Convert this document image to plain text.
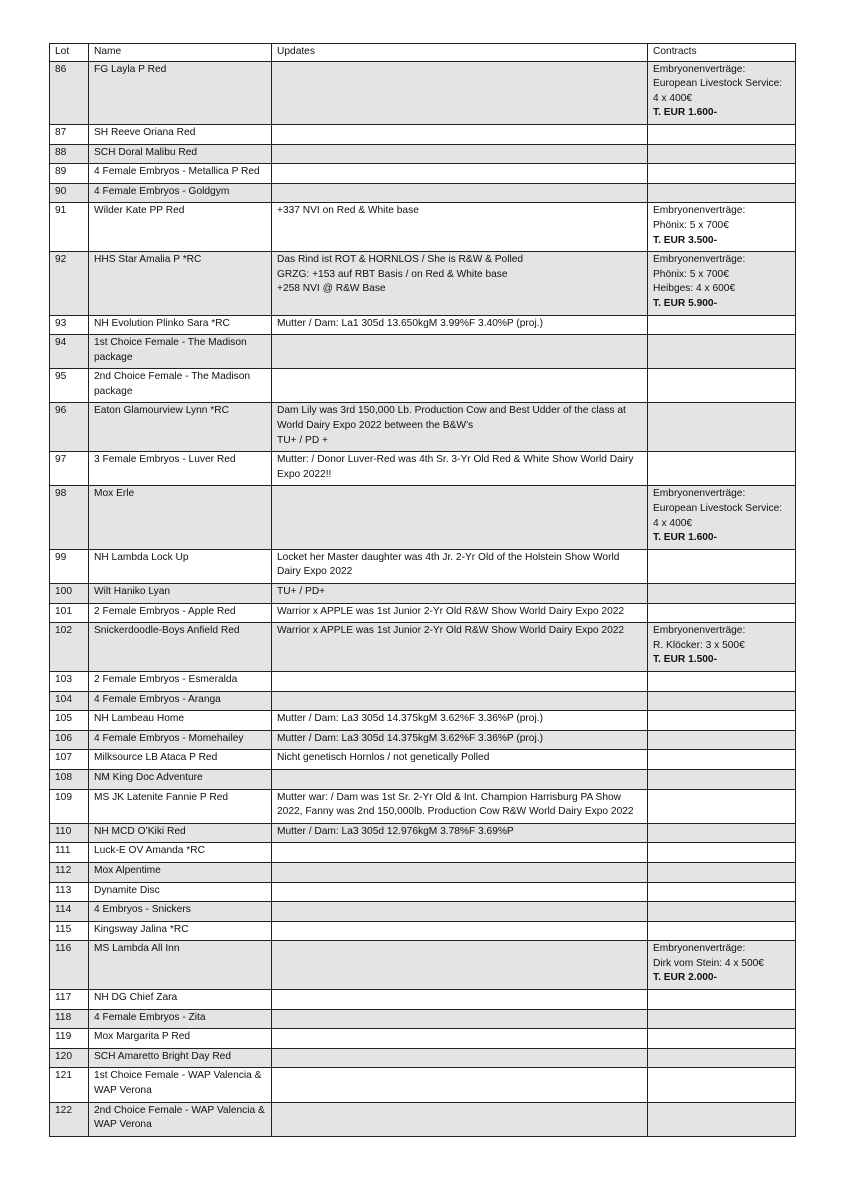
Lot	Name	Updates	Contracts
86	FG Layla P Red		Embryonenverträge:
European Livestock Service:
4 x 400€
T. EUR 1.600-

87	SH Reeve Oriana Red		
88	SCH Doral Malibu Red		
89	4 Female Embryos - Metallica P Red		
90	4 Female Embryos - Goldgym		
91	Wilder Kate PP Red	+337 NVI on Red & White base	Embryonenverträge:
Phönix: 5 x 700€
T. EUR 3.500-

92	HHS Star Amalia P *RC	Das Rind ist ROT & HORNLOS / She is R&W & Polled
GRZG: +153 auf RBT Basis / on Red & White base
+258 NVI @ R&W Base	Embryonenverträge:
Phönix: 5 x 700€
Heibges: 4 x 600€
T. EUR 5.900-

93	NH Evolution Plinko Sara *RC	Mutter / Dam: La1 305d 13.650kgM 3.99%F 3.40%P (proj.)	

94	1st Choice Female - The Madison package		
95	2nd Choice Female - The Madison package		
96	Eaton Glamourview Lynn *RC	Dam Lily was 3rd 150,000 Lb. Production Cow and Best Udder of the class at World Dairy Expo 2022 between the B&W’s
TU+ / PD +	

97	3 Female Embryos - Luver Red	Mutter: / Donor Luver-Red was 4th Sr. 3-Yr Old Red & White Show World Dairy Expo 2022!!	

98	Mox Erle		Embryonenverträge:
European Livestock Service:
4 x 400€
T. EUR 1.600-

99	NH Lambda Lock Up	Locket her Master daughter was 4th Jr. 2-Yr Old of the Holstein Show World Dairy Expo 2022	

100	Wilt Haniko Lyan	TU+ / PD+	

101	2 Female Embryos - Apple Red	Warrior x APPLE was 1st Junior 2-Yr Old R&W Show World Dairy Expo 2022	

102	Snickerdoodle-Boys Anfield Red	Warrior x APPLE was 1st Junior 2-Yr Old R&W Show World Dairy Expo 2022	Embryonenverträge:
R. Klöcker: 3 x 500€
T. EUR 1.500-

103	2 Female Embryos - Esmeralda		
104	4 Female Embryos - Aranga		
105	NH Lambeau Home	Mutter / Dam: La3 305d 14.375kgM 3.62%F 3.36%P (proj.)	

106	4 Female Embryos - Momehailey	Mutter / Dam: La3 305d 14.375kgM 3.62%F 3.36%P (proj.)	

107	Milksource LB Ataca P Red	Nicht genetisch Hornlos / not genetically Polled	

108	NM King Doc Adventure		
109	MS JK Latenite Fannie P Red	Mutter war: / Dam was 1st Sr. 2-Yr Old & Int. Champion Harrisburg PA Show 2022, Fanny was 2nd 150,000lb. Production Cow R&W World Dairy Expo 2022	

110	NH MCD O’Kiki Red	Mutter / Dam: La3 305d 12.976kgM 3.78%F 3.69%P	

111	Luck-E OV Amanda *RC		
112	Mox Alpentime		
113	Dynamite Disc		
114	4 Embryos - Snickers		
115	Kingsway Jalina *RC		
116	MS Lambda All Inn		Embryonenverträge:
Dirk vom Stein: 4 x 500€
T. EUR 2.000-

117	NH DG Chief Zara		
118	4 Female Embryos - Zita		
119	Mox Margarita P Red		
120	SCH Amaretto Bright Day Red		
121	1st Choice Female - WAP Valencia & WAP Verona		
122	2nd Choice Female - WAP Valencia & WAP Verona		
